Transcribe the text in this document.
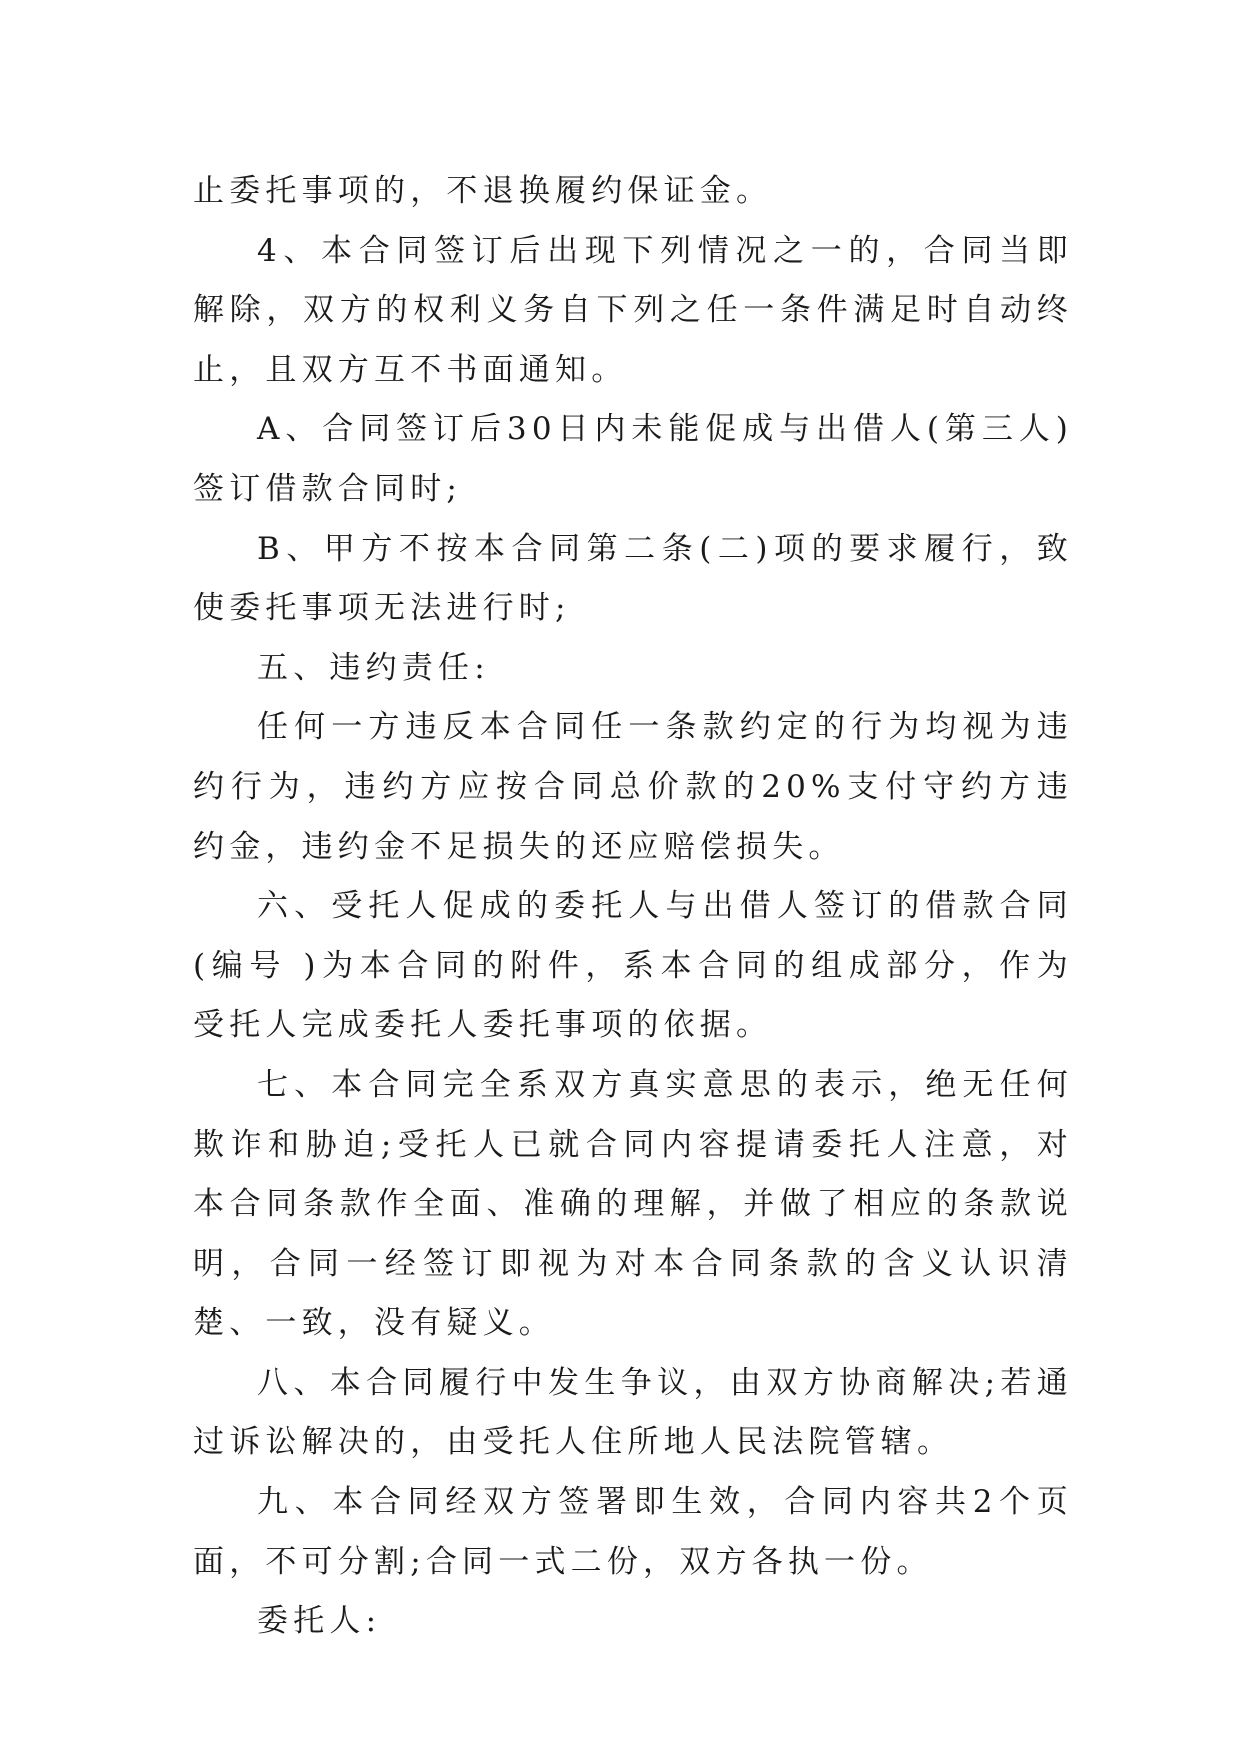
止委托事项的，不退换履约保证金。

4、本合同签订后出现下列情况之一的，合同当即解除，双方的权利义务自下列之任一条件满足时自动终止，且双方互不书面通知。

A、合同签订后30日内未能促成与出借人(第三人)签订借款合同时;

B、甲方不按本合同第二条(二)项的要求履行，致使委托事项无法进行时;

五、违约责任:

任何一方违反本合同任一条款约定的行为均视为违约行为，违约方应按合同总价款的20%支付守约方违约金，违约金不足损失的还应赔偿损失。

六、受托人促成的委托人与出借人签订的借款合同(编号 )为本合同的附件，系本合同的组成部分，作为受托人完成委托人委托事项的依据。

七、本合同完全系双方真实意思的表示，绝无任何欺诈和胁迫;受托人已就合同内容提请委托人注意，对本合同条款作全面、准确的理解，并做了相应的条款说明，合同一经签订即视为对本合同条款的含义认识清楚、一致，没有疑义。

八、本合同履行中发生争议，由双方协商解决;若通过诉讼解决的，由受托人住所地人民法院管辖。

九、本合同经双方签署即生效，合同内容共2个页面，不可分割;合同一式二份，双方各执一份。

委托人:
